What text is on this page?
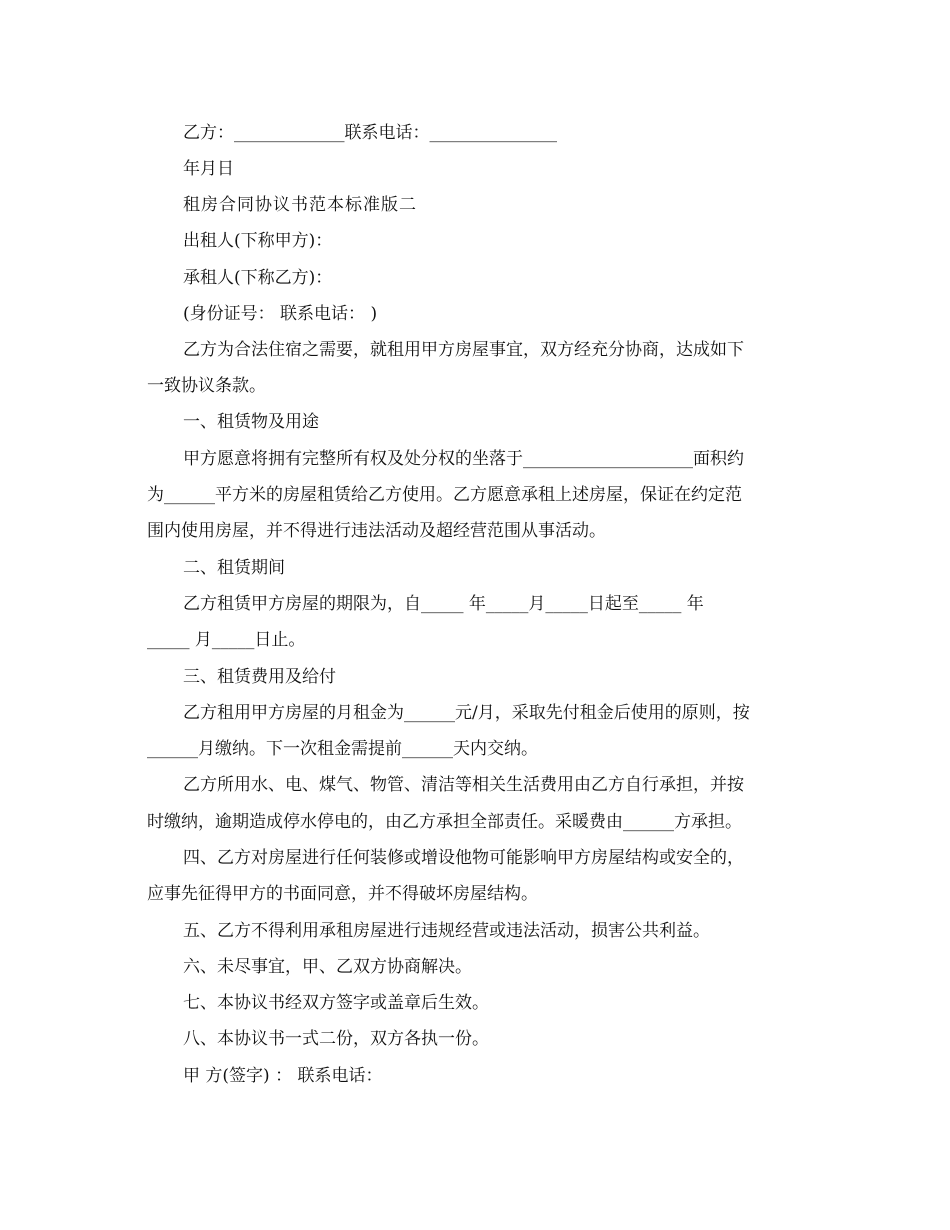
乙方：_____________联系电话：_______________
年月日
租房合同协议书范本标准版二
出租人(下称甲方)：
承租人(下称乙方)：
(身份证号： 联系电话： )
乙方为合法住宿之需要，就租用甲方房屋事宜，双方经充分协商，达成如下
一致协议条款。
一、租赁物及用途
甲方愿意将拥有完整所有权及处分权的坐落于____________________面积约
为______平方米的房屋租赁给乙方使用。乙方愿意承租上述房屋，保证在约定范
围内使用房屋，并不得进行违法活动及超经营范围从事活动。
二、租赁期间
乙方租赁甲方房屋的期限为，自_____ 年_____月_____日起至_____ 年
_____ 月_____日止。
三、租赁费用及给付
乙方租用甲方房屋的月租金为______元/月，采取先付租金后使用的原则，按
______月缴纳。下一次租金需提前______天内交纳。
乙方所用水、电、煤气、物管、清洁等相关生活费用由乙方自行承担，并按
时缴纳，逾期造成停水停电的，由乙方承担全部责任。采暖费由______方承担。
四、乙方对房屋进行任何装修或增设他物可能影响甲方房屋结构或安全的，
应事先征得甲方的书面同意，并不得破坏房屋结构。
五、乙方不得利用承租房屋进行违规经营或违法活动，损害公共利益。
六、未尽事宜，甲、乙双方协商解决。
七、本协议书经双方签字或盖章后生效。
八、本协议书一式二份，双方各执一份。
甲 方(签字) ： 联系电话：
